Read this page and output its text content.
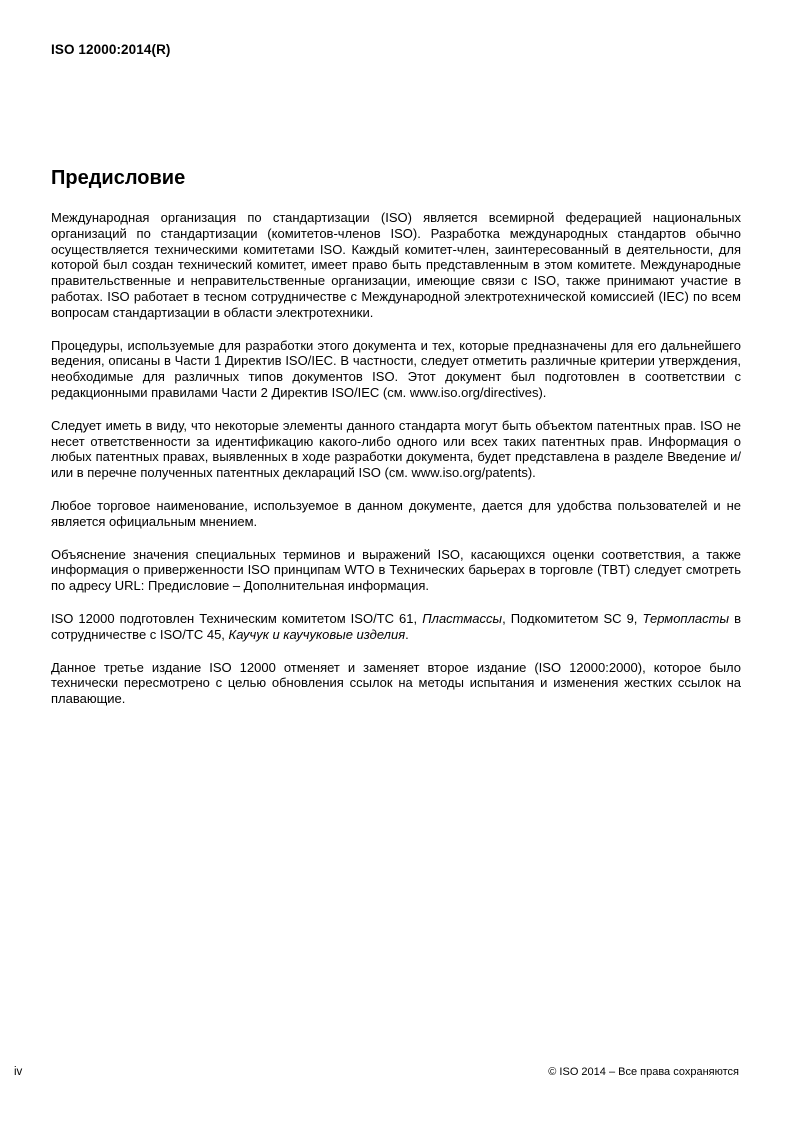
ISO 12000:2014(R)
Предисловие

Международная организация по стандартизации (ISO) является всемирной федерацией национальных организаций по стандартизации (комитетов-членов ISO). Разработка международных стандартов обычно осуществляется техническими комитетами ISO. Каждый комитет-член, заинтересованный в деятельности, для которой был создан технический комитет, имеет право быть представленным в этом комитете. Международные правительственные и неправительственные организации, имеющие связи с ISO, также принимают участие в работах. ISO работает в тесном сотрудничестве с Международной электротехнической комиссией (IEC) по всем вопросам стандартизации в области электротехники.

Процедуры, используемые для разработки этого документа и тех, которые предназначены для его дальнейшего ведения, описаны в Части 1 Директив ISO/IEC. В частности, следует отметить различные критерии утверждения, необходимые для различных типов документов ISO. Этот документ был подготовлен в соответствии с редакционными правилами Части 2 Директив ISO/IEC (см. www.iso.org/directives).

Следует иметь в виду, что некоторые элементы данного стандарта могут быть объектом патентных прав. ISO не несет ответственности за идентификацию какого-либо одного или всех таких патентных прав. Информация о любых патентных правах, выявленных в ходе разработки документа, будет представлена в разделе Введение и/или в перечне полученных патентных деклараций ISO (см. www.iso.org/patents).

Любое торговое наименование, используемое в данном документе, дается для удобства пользователей и не является официальным мнением.

Объяснение значения специальных терминов и выражений ISO, касающихся оценки соответствия, а также информация о приверженности ISO принципам WTO в Технических барьерах в торговле (TBT) следует смотреть по адресу URL: Предисловие – Дополнительная информация.

ISO 12000 подготовлен Техническим комитетом ISO/TC 61, Пластмассы, Подкомитетом SC 9, Термопласты в сотрудничестве с ISO/TC 45, Каучук и каучуковые изделия.

Данное третье издание ISO 12000 отменяет и заменяет второе издание (ISO 12000:2000), которое было технически пересмотрено с целью обновления ссылок на методы испытания и изменения жестких ссылок на плавающие.

iv	© ISO 2014 – Все права сохраняются
